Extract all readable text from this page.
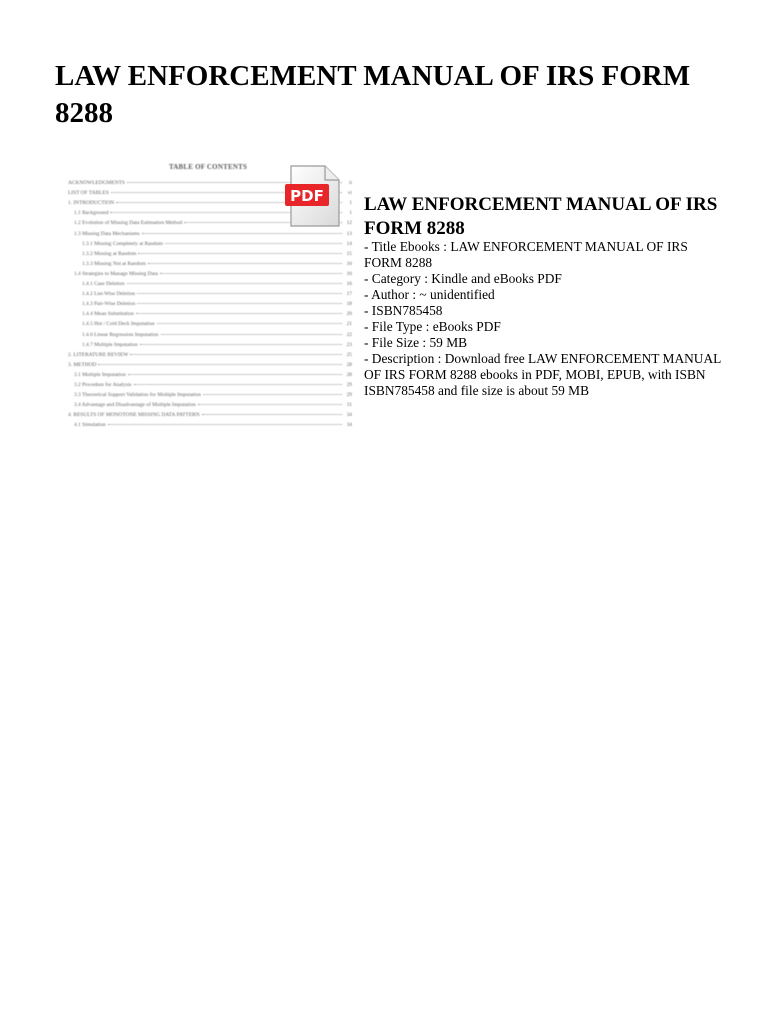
LAW ENFORCEMENT MANUAL OF IRS FORM 8288
TABLE OF CONTENTS
ACKNOWLEDGMENTS	ii
LIST OF TABLES	vi
1. INTRODUCTION	1
1.1 Background	1
1.2 Evolution of Missing Data Estimation Method	12
1.3 Missing Data Mechanisms	13
1.3.1 Missing Completely at Random	14
1.3.2 Missing at Random	15
1.3.3 Missing Not at Random	16
1.4 Strategies to Manage Missing Data	16
1.4.1 Case Deletion	16
1.4.2 List-Wise Deletion	17
1.4.3 Pair-Wise Deletion	18
1.4.4 Mean Substitution	20
1.4.5 Hot / Cold Deck Imputation	21
1.4.6 Linear Regression Imputation	22
1.4.7 Multiple Imputation	23
2. LITERATURE REVIEW	25
3. METHOD	28
3.1 Multiple Imputation	28
3.2 Procedure for Analysis	29
3.3 Theoretical Support Validation for Multiple Imputation	29
3.4 Advantage and Disadvantage of Multiple Imputation	31
4. RESULTS OF MONOTONE MISSING DATA PATTERN	34
4.1 Simulation	34
PDF LAW ENFORCEMENT MANUAL OF IRS FORM 8288
- Title Ebooks : LAW ENFORCEMENT MANUAL OF IRS FORM 8288
- Category : Kindle and eBooks PDF
- Author : ~ unidentified
- ISBN785458
- File Type : eBooks PDF
- File Size : 59 MB
- Description : Download free LAW ENFORCEMENT MANUAL OF IRS FORM 8288 ebooks in PDF, MOBI, EPUB, with ISBN ISBN785458 and file size is about 59 MB
